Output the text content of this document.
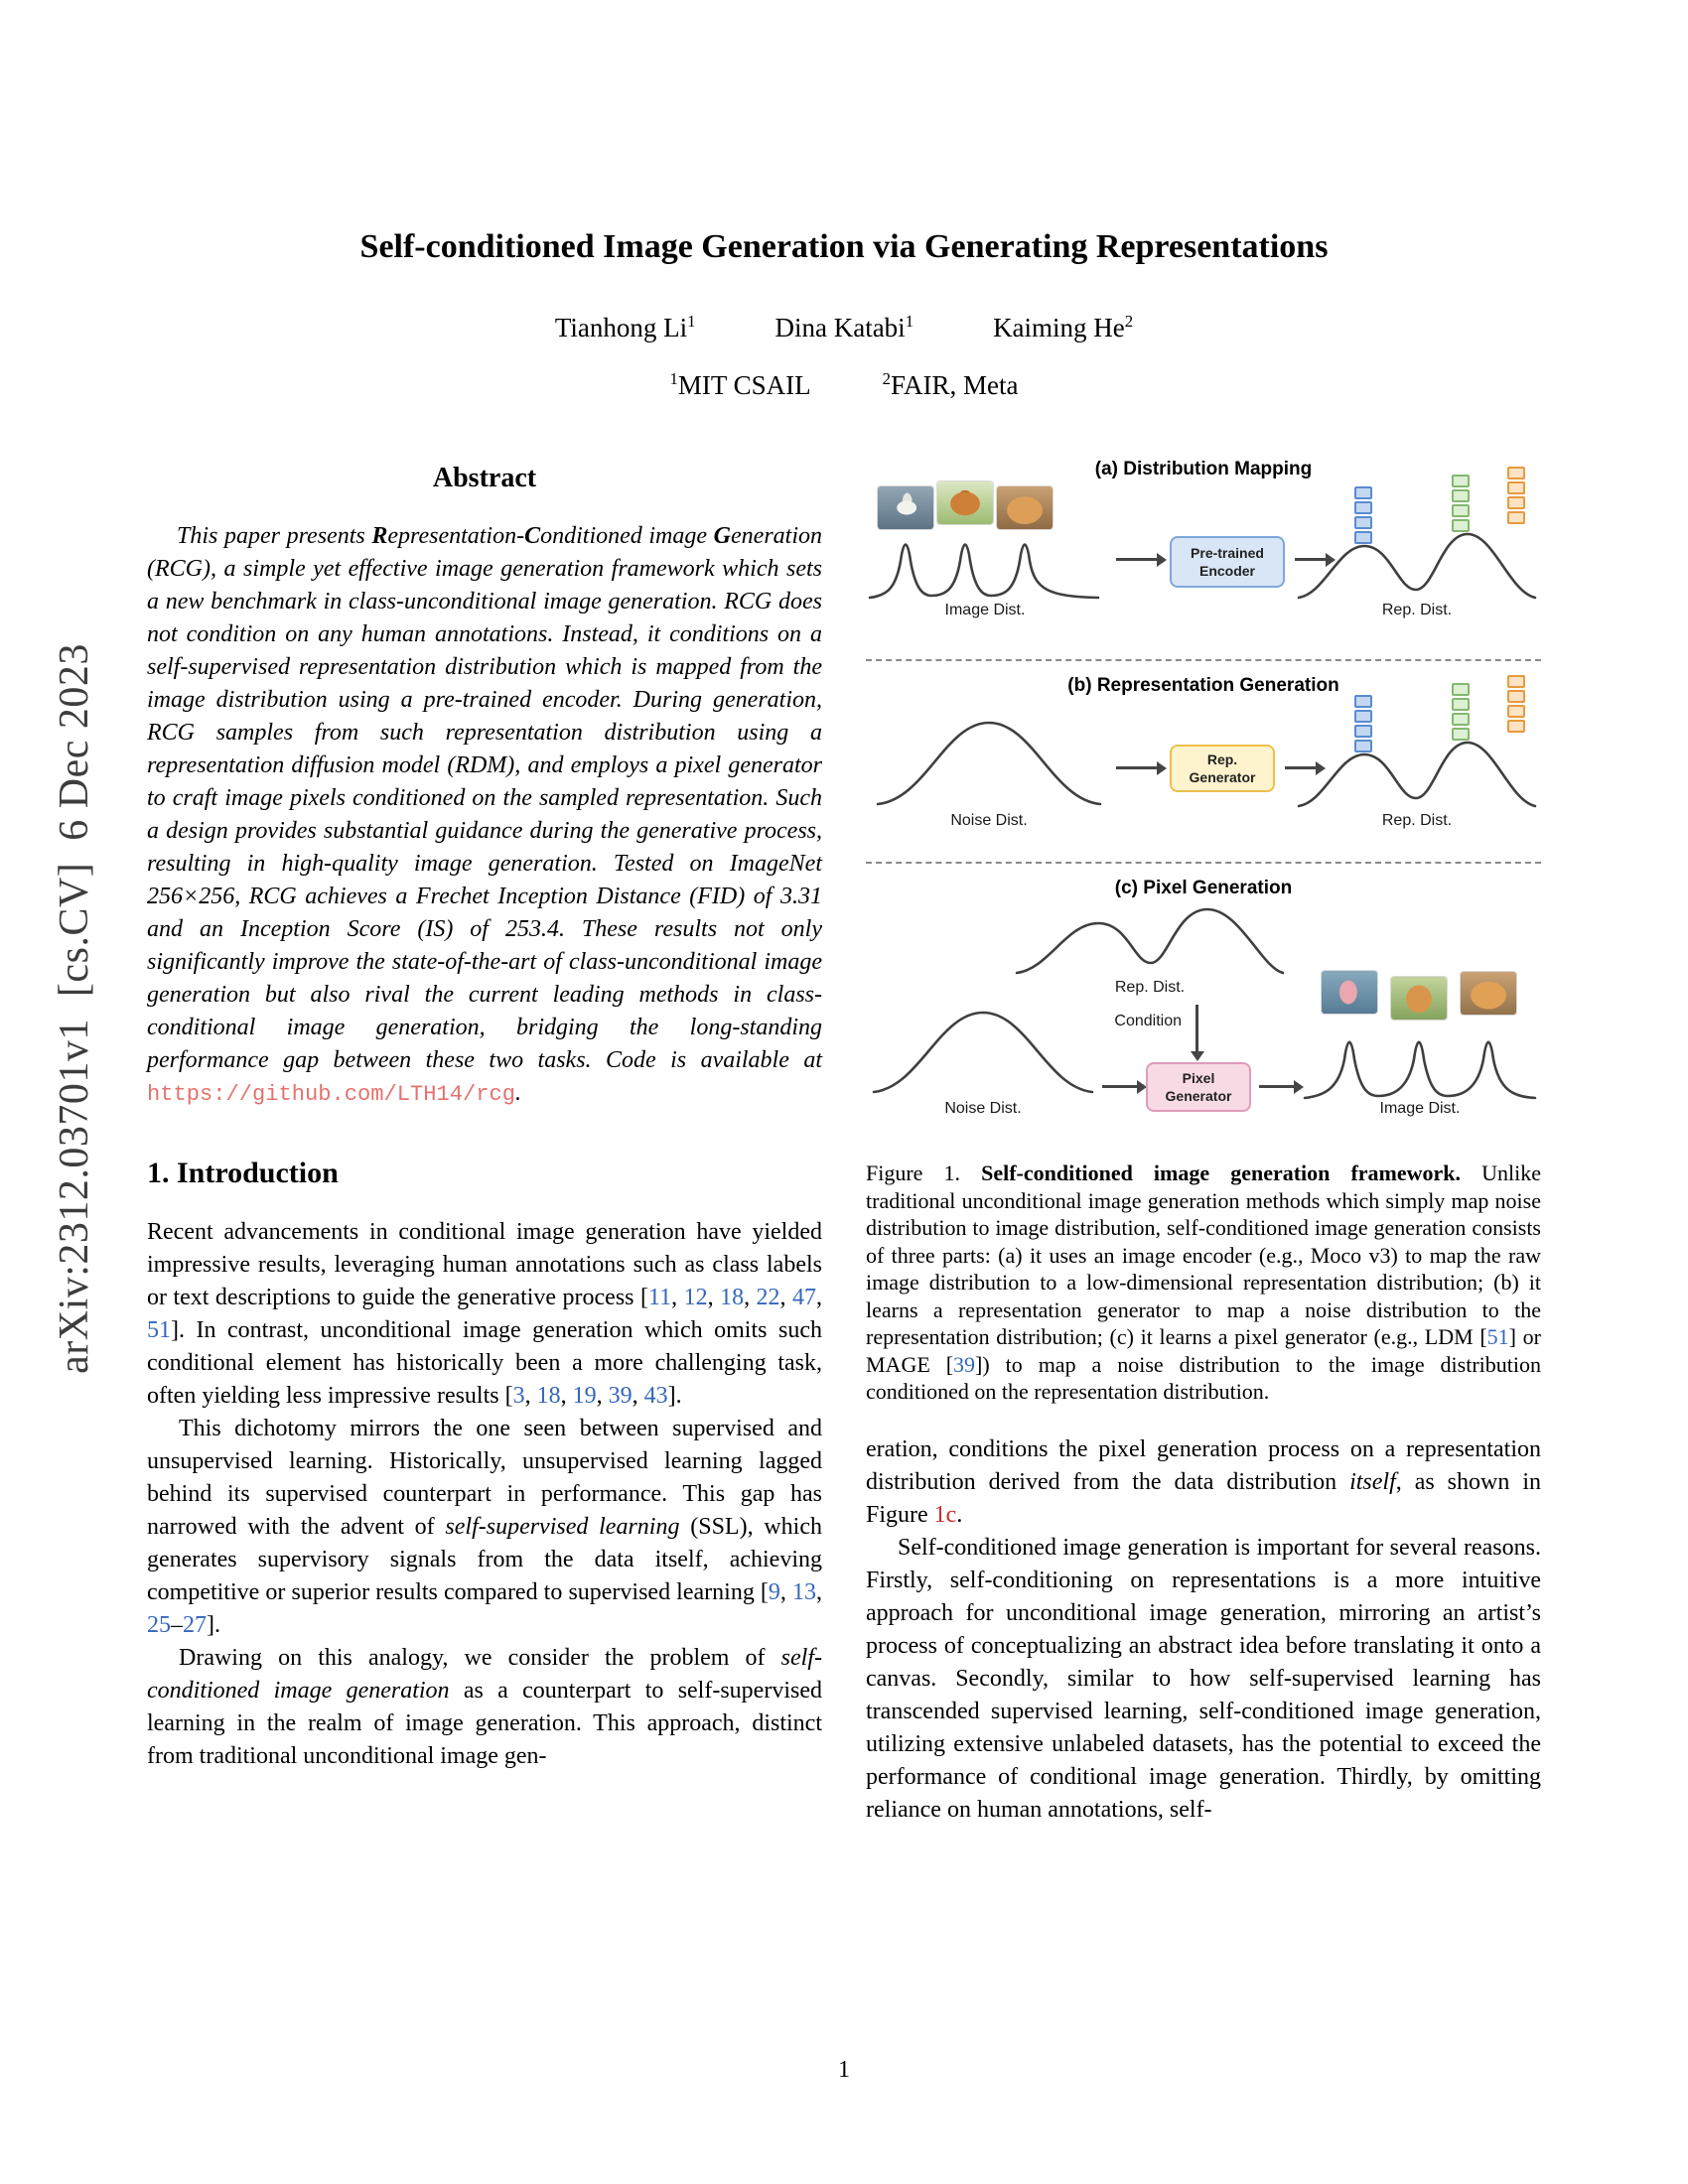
arXiv:2312.03701v1  [cs.CV]  6 Dec 2023
Self-conditioned Image Generation via Generating Representations
Tianhong Li$^1$	Dina Katabi$^1$	Kaiming He$^2$
$^1$MIT CSAIL	$^2$FAIR, Meta
Abstract

This paper presents Representation-Conditioned image Generation (RCG), a simple yet effective image generation framework which sets a new benchmark in class-unconditional image generation. RCG does not condition on any human annotations. Instead, it conditions on a self-supervised representation distribution which is mapped from the image distribution using a pre-trained encoder. During generation, RCG samples from such representation distribution using a representation diffusion model (RDM), and employs a pixel generator to craft image pixels conditioned on the sampled representation. Such a design provides substantial guidance during the generative process, resulting in high-quality image generation. Tested on ImageNet 256×256, RCG achieves a Frechet Inception Distance (FID) of 3.31 and an Inception Score (IS) of 253.4. These results not only significantly improve the state-of-the-art of class-unconditional image generation but also rival the current leading methods in class-conditional image generation, bridging the long-standing performance gap between these two tasks. Code is available at https://github.com/LTH14/rcg.

1. Introduction

Recent advancements in conditional image generation have yielded impressive results, leveraging human annotations such as class labels or text descriptions to guide the generative process [11, 12, 18, 22, 47, 51]. In contrast, unconditional image generation which omits such conditional element has historically been a more challenging task, often yielding less impressive results [3, 18, 19, 39, 43].

This dichotomy mirrors the one seen between supervised and unsupervised learning. Historically, unsupervised learning lagged behind its supervised counterpart in performance. This gap has narrowed with the advent of self-supervised learning (SSL), which generates supervisory signals from the data itself, achieving competitive or superior results compared to supervised learning [9, 13, 25–27].

Drawing on this analogy, we consider the problem of self-conditioned image generation as a counterpart to self-supervised learning in the realm of image generation. This approach, distinct from traditional unconditional image gen-

(a) Distribution Mapping
Image Dist.
Pre-trained
Encoder
Rep. Dist.
(b) Representation Generation
Noise Dist.
Rep.
Generator
Rep. Dist.
(c) Pixel Generation
Rep. Dist.
Condition
Noise Dist.
Pixel
Generator
Image Dist.

Figure 1. Self-conditioned image generation framework. Unlike traditional unconditional image generation methods which simply map noise distribution to image distribution, self-conditioned image generation consists of three parts: (a) it uses an image encoder (e.g., Moco v3) to map the raw image distribution to a low-dimensional representation distribution; (b) it learns a representation generator to map a noise distribution to the representation distribution; (c) it learns a pixel generator (e.g., LDM [51] or MAGE [39]) to map a noise distribution to the image distribution conditioned on the representation distribution.

eration, conditions the pixel generation process on a representation distribution derived from the data distribution itself, as shown in Figure 1c.

Self-conditioned image generation is important for several reasons. Firstly, self-conditioning on representations is a more intuitive approach for unconditional image generation, mirroring an artist’s process of conceptualizing an abstract idea before translating it onto a canvas. Secondly, similar to how self-supervised learning has transcended supervised learning, self-conditioned image generation, utilizing extensive unlabeled datasets, has the potential to exceed the performance of conditional image generation. Thirdly, by omitting reliance on human annotations, self-

1
